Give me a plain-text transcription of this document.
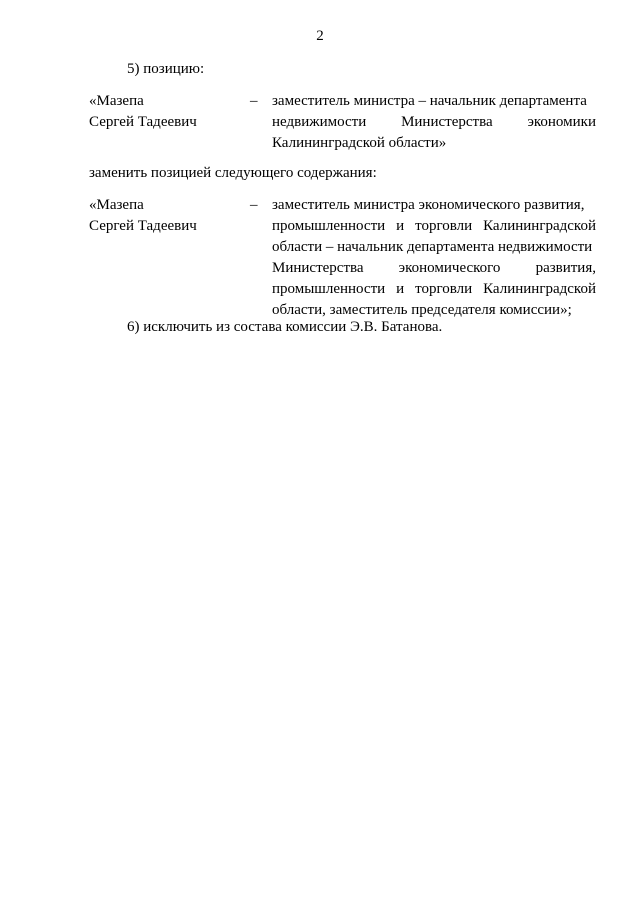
2
5) позицию:
«Мазепа
Сергей Тадеевич
– заместитель министра – начальник департамента
недвижимости Министерства экономики
Калининградской области»
заменить позицией следующего содержания:
«Мазепа
Сергей Тадеевич
– заместитель министра экономического развития,
промышленности и торговли Калининградской
области – начальник департамента недвижимости
Министерства экономического развития,
промышленности и торговли Калининградской
области, заместитель председателя комиссии»;
6) исключить из состава комиссии Э.В. Батанова.
